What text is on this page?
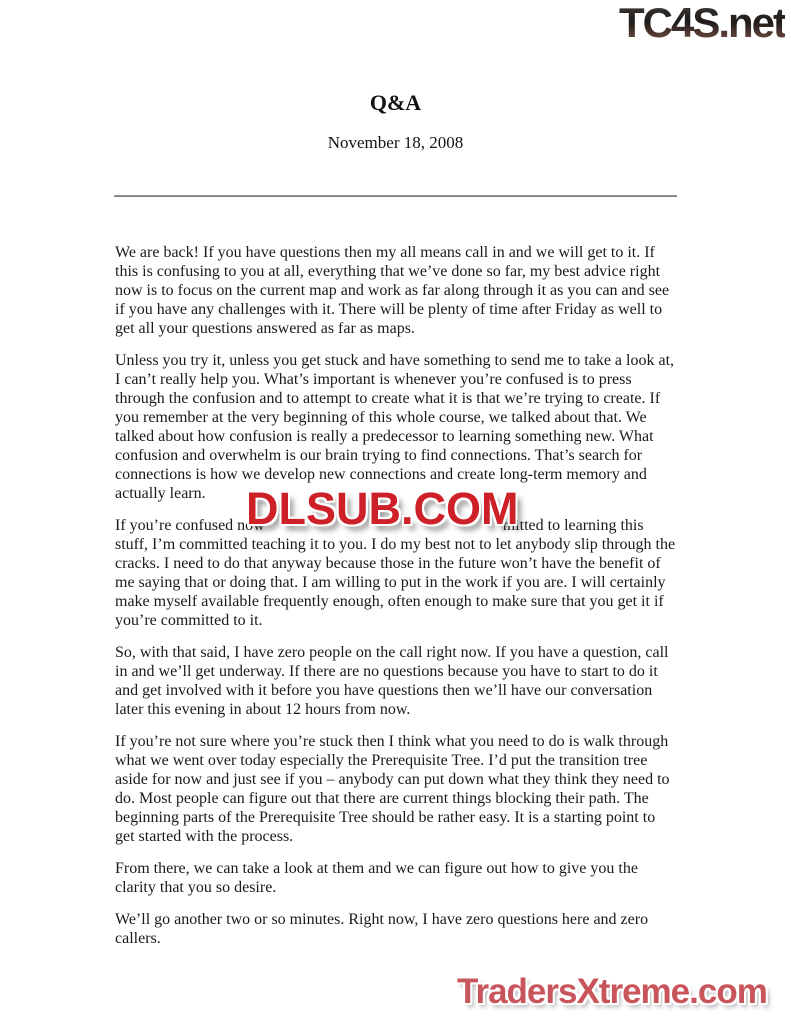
TC4S.net
Q&A
November 18, 2008

We are back! If you have questions then my all means call in and we will get to it. If this is confusing to you at all, everything that we’ve done so far, my best advice right now is to focus on the current map and work as far along through it as you can and see if you have any challenges with it. There will be plenty of time after Friday as well to get all your questions answered as far as maps.

Unless you try it, unless you get stuck and have something to send me to take a look at, I can’t really help you. What’s important is whenever you’re confused is to press through the confusion and to attempt to create what it is that we’re trying to create. If you remember at the very beginning of this whole course, we talked about that. We talked about how confusion is really a predecessor to learning something new. What confusion and overwhelm is our brain trying to find connections. That’s search for connections is how we develop new connections and create long-term memory and actually learn.

If you’re confused now	mitted to learning this stuff, I’m committed teaching it to you. I do my best not to let anybody slip through the cracks. I need to do that anyway because those in the future won’t have the benefit of me saying that or doing that. I am willing to put in the work if you are. I will certainly make myself available frequently enough, often enough to make sure that you get it if you’re committed to it.

So, with that said, I have zero people on the call right now. If you have a question, call in and we’ll get underway. If there are no questions because you have to start to do it and get involved with it before you have questions then we’ll have our conversation later this evening in about 12 hours from now.

If you’re not sure where you’re stuck then I think what you need to do is walk through what we went over today especially the Prerequisite Tree. I’d put the transition tree aside for now and just see if you – anybody can put down what they think they need to do. Most people can figure out that there are current things blocking their path. The beginning parts of the Prerequisite Tree should be rather easy. It is a starting point to get started with the process.

From there, we can take a look at them and we can figure out how to give you the clarity that you so desire.

We’ll go another two or so minutes. Right now, I have zero questions here and zero callers.

DLSUB.COM
TradersXtreme.com
